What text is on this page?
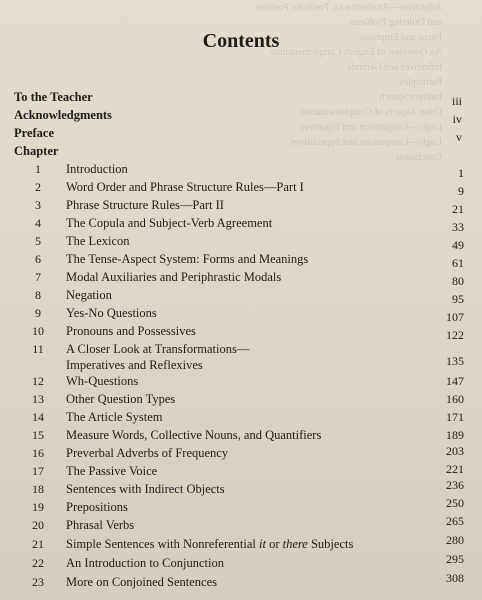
Adjectives—Attributive vs. Predicate Position
and Ordering Problems
Focus and Emphasis
An Overview of English Complementation
Infinitives and Gerunds
Participles
Indirect Speech
Other Aspects of Complementation
Logic—Conjunction and Equatives
Logic—Comparison and Superlatives
Conclusion
Contents
To the Teacher	iii
Acknowledgments	iv
Preface	v
Chapter
1	Introduction	1
2	Word Order and Phrase Structure Rules—Part I	9
3	Phrase Structure Rules—Part II	21
4	The Copula and Subject-Verb Agreement	33
5	The Lexicon	49
6	The Tense-Aspect System: Forms and Meanings	61
7	Modal Auxiliaries and Periphrastic Modals	80
8	Negation	95
9	Yes-No Questions	107
10	Pronouns and Possessives	122
11	A Closer Look at Transformations—
Imperatives and Reflexives	135
12	Wh-Questions	147
13	Other Question Types	160
14	The Article System	171
15	Measure Words, Collective Nouns, and Quantifiers	189
16	Preverbal Adverbs of Frequency	203
17	The Passive Voice	221
18	Sentences with Indirect Objects	236
19	Prepositions	250
20	Phrasal Verbs	265
21	Simple Sentences with Nonreferential it or there Subjects	280
22	An Introduction to Conjunction	295
23	More on Conjoined Sentences	308
